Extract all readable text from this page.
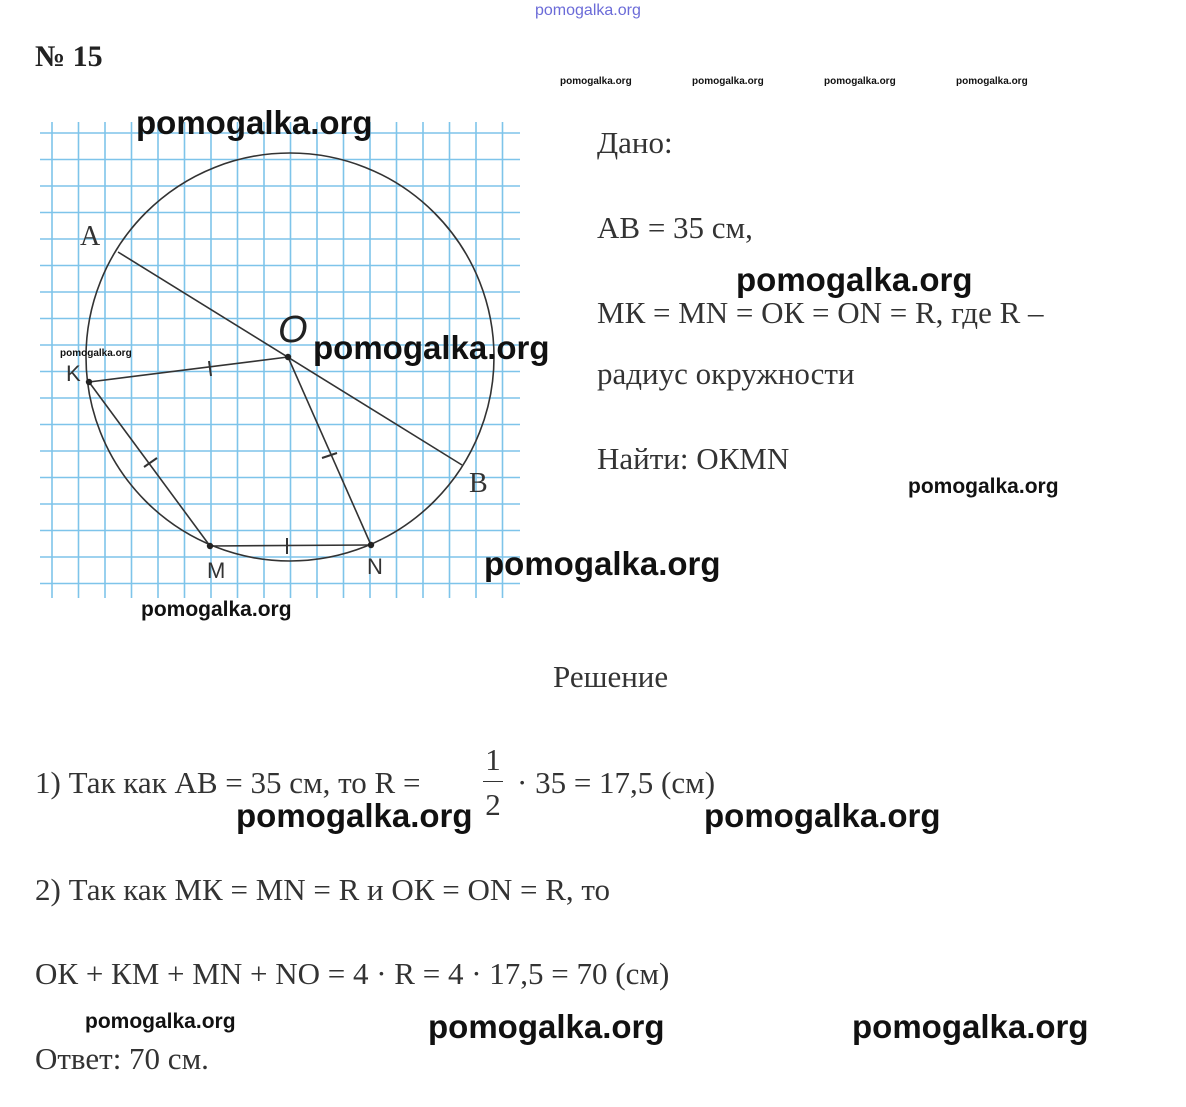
A
B
O
K
M	N
pomogalka.org
№ 15
pomogalka.org	pomogalka.org	pomogalka.org	pomogalka.org
pomogalka.org
pomogalka.org
pomogalka.org
pomogalka.org
Дано:
AB = 35 см,
pomogalka.org
МК = MN = ОК = ON = R, где R –
радиус окружности
Найти: ОКMN
pomogalka.org
pomogalka.org
Решение
1) Так как AB = 35 см, то R =
1
2
· 35 = 17,5 (см)
pomogalka.org	pomogalka.org
2) Так как МК = MN = R и ОК = ON = R, то
ОК + КМ + MN + NO = 4 · R = 4 · 17,5 = 70 (см)
pomogalka.org	pomogalka.org	pomogalka.org
Ответ: 70 см.
